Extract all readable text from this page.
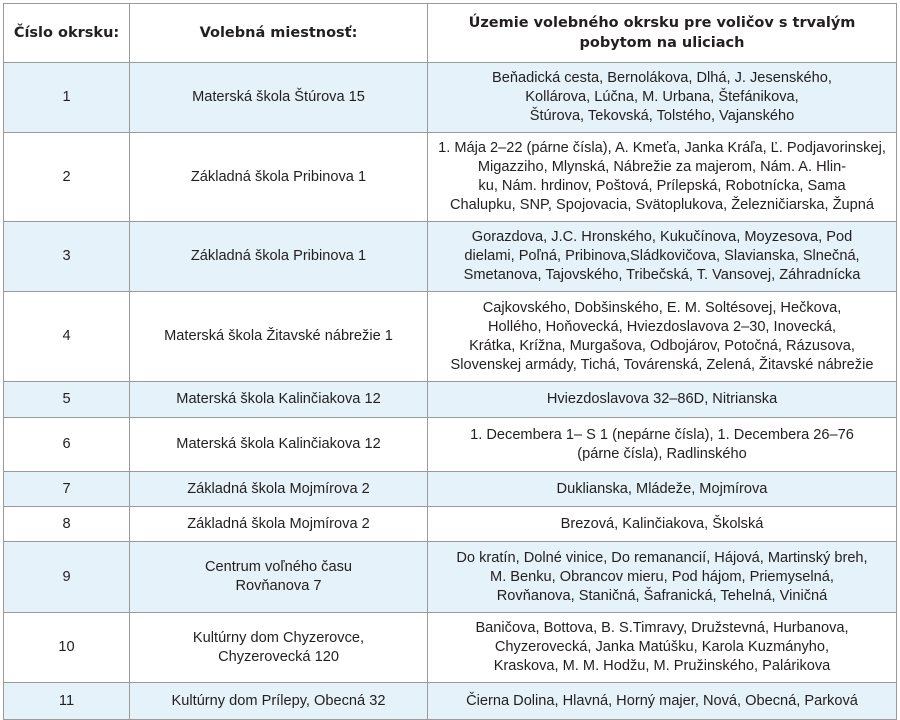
Číslo okrsku:	Volebná miestnosť:	Územie volebného okrsku pre voličov s trvalým
pobytom na uliciach

1	Materská škola Štúrova 15	Beňadická cesta, Bernolákova, Dlhá, J. Jesenského,
Kollárova, Lúčna, M. Urbana, Štefánikova,
Štúrova, Tekovská, Tolstého, Vajanského

2	Základná škola Pribinova 1	1. Mája 2–22 (párne čísla), A. Kmeťa, Janka Kráľa, Ľ. Podjavorinskej,
Migazziho, Mlynská, Nábrežie za majerom, Nám. A. Hlin-
ku, Nám. hrdinov, Poštová, Prílepská, Robotnícka, Sama
Chalupku, SNP, Spojovacia, Svätoplukova, Železničiarska, Župná

3	Základná škola Pribinova 1	Gorazdova, J.C. Hronského, Kukučínova, Moyzesova, Pod
dielami, Poľná, Pribinova,Sládkovičova, Slavianska, Slnečná,
Smetanova, Tajovského, Tribečská, T. Vansovej, Záhradnícka

4	Materská škola Žitavské nábrežie 1	Cajkovského, Dobšinského, E. M. Soltésovej, Hečkova,
Hollého, Hoňovecká, Hviezdoslavova 2–30, Inovecká,
Krátka, Krížna, Murgašova, Odbojárov, Potočná, Rázusova,
Slovenskej armády, Tichá, Továrenská, Zelená, Žitavské nábrežie

5	Materská škola Kalinčiakova 12	Hviezdoslavova 32–86D, Nitrianska

6	Materská škola Kalinčiakova 12	1. Decembera 1– S 1 (nepárne čísla), 1. Decembera 26–76
(párne čísla), Radlinského

7	Základná škola Mojmírova 2	Duklianska, Mládeže, Mojmírova

8	Základná škola Mojmírova 2	Brezová, Kalinčiakova, Školská

9	Centrum voľného času
Rovňanova 7	Do kratín, Dolné vinice, Do remanancií, Hájová, Martinský breh,
M. Benku, Obrancov mieru, Pod hájom, Priemyselná,
Rovňanova, Staničná, Šafranická, Tehelná, Viničná

10	Kultúrny dom Chyzerovce,
Chyzerovecká 120	Baničova, Bottova, B. S.Timravy, Družstevná, Hurbanova,
Chyzerovecká, Janka Matúšku, Karola Kuzmányho,
Kraskova, M. M. Hodžu, M. Pružinského, Palárikova

11	Kultúrny dom Prílepy, Obecná 32	Čierna Dolina, Hlavná, Horný majer, Nová, Obecná, Parková
